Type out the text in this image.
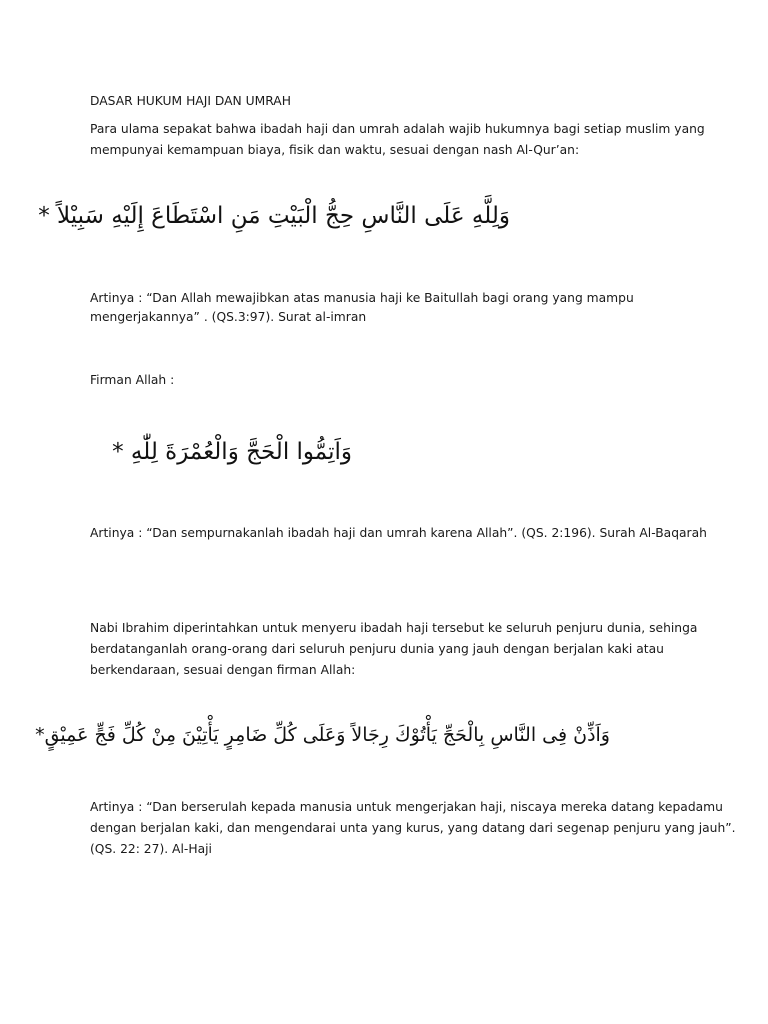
DASAR HUKUM HAJI DAN UMRAH
Para ulama sepakat bahwa ibadah haji dan umrah adalah wajib hukumnya bagi setiap muslim yang
mempunyai kemampuan biaya, fisik dan waktu, sesuai dengan nash Al-Qur’an:
وَلِلَّهِ عَلَى النَّاسِ حِجُّ الْبَيْتِ مَنِ اسْتَطَاعَ إِلَيْهِ سَبِيْلاً *
Artinya : “Dan Allah mewajibkan atas manusia haji ke Baitullah bagi orang yang mampu
mengerjakannya” . (QS.3:97). Surat al-imran
Firman Allah :
وَاَتِمُّوا الْحَجَّ وَالْعُمْرَةَ لِلّٰهِ *
Artinya : “Dan sempurnakanlah ibadah haji dan umrah karena Allah”. (QS. 2:196). Surah Al-Baqarah
Nabi Ibrahim diperintahkan untuk menyeru ibadah haji tersebut ke seluruh penjuru dunia, sehinga
berdatanganlah orang-orang dari seluruh penjuru dunia yang jauh dengan berjalan kaki atau
berkendaraan, sesuai dengan firman Allah:
وَاَذِّنْ فِى النَّاسِ بِالْحَجِّ يَأْتُوْكَ رِجَالاً وَعَلَى كُلِّ ضَامِرٍ يَأْتِيْنَ مِنْ كُلِّ فَجٍّ عَمِيْقٍ*
Artinya : “Dan berserulah kepada manusia untuk mengerjakan haji, niscaya mereka datang kepadamu
dengan berjalan kaki, dan mengendarai unta yang kurus, yang datang dari segenap penjuru yang jauh”.
(QS. 22: 27). Al-Haji
